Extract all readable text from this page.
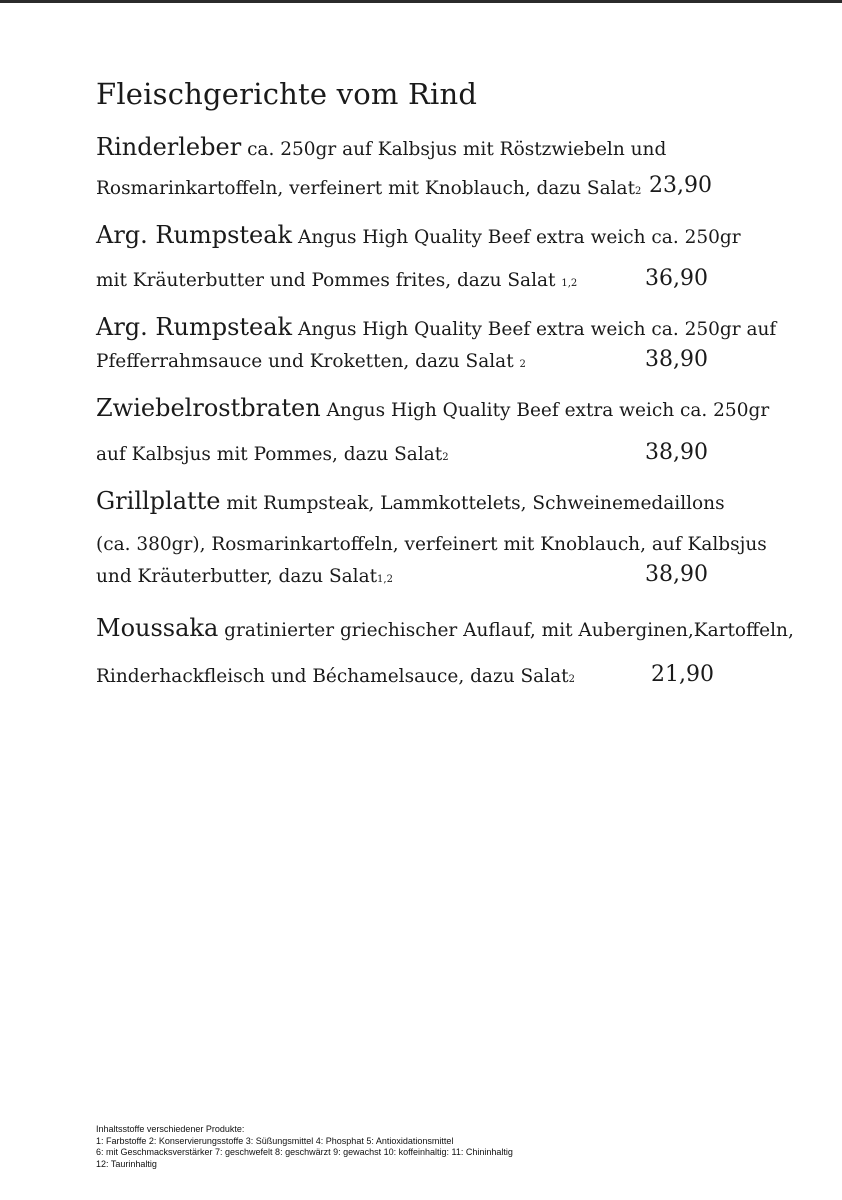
Fleischgerichte vom Rind
Rinderleber ca. 250gr auf Kalbsjus mit Röstzwiebeln und
Rosmarinkartoffeln, verfeinert mit Knoblauch, dazu Salat2 23,90
Arg. Rumpsteak Angus High Quality Beef extra weich ca. 250gr
mit Kräuterbutter und Pommes frites, dazu Salat 1,2	36,90
Arg. Rumpsteak Angus High Quality Beef extra weich ca. 250gr auf
Pfefferrahmsauce und Kroketten, dazu Salat 2	38,90
Zwiebelrostbraten Angus High Quality Beef extra weich ca. 250gr
auf Kalbsjus mit Pommes, dazu Salat2	38,90
Grillplatte mit Rumpsteak, Lammkottelets, Schweinemedaillons
(ca. 380gr), Rosmarinkartoffeln, verfeinert mit Knoblauch, auf Kalbsjus
und Kräuterbutter, dazu Salat1,2	38,90
Moussaka gratinierter griechischer Auflauf, mit Auberginen,Kartoffeln,
Rinderhackfleisch und Béchamelsauce, dazu Salat2	21,90
Inhaltsstoffe verschiedener Produkte:
1: Farbstoffe 2: Konservierungsstoffe 3: Süßungsmittel 4: Phosphat 5: Antioxidationsmittel
6: mit Geschmacksverstärker 7: geschwefelt 8: geschwärzt 9: gewachst 10: koffeinhaltig: 11: Chininhaltig
12: Taurinhaltig
